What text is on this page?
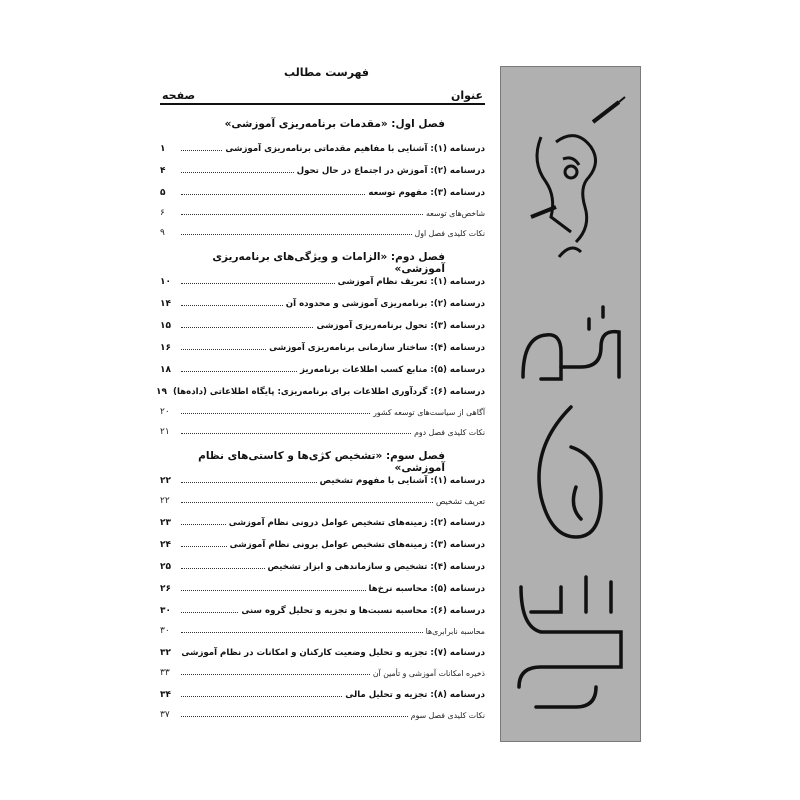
فهرست مطالب
عنوان
صفحه
فصل اول: «مقدمات برنامه‌ریزی آموزشی»
درسنامه (۱): آشنایی با مفاهیم مقدماتی برنامه‌ریزی آموزشی
۱
درسنامه (۲): آموزش در اجتماع در حال تحول
۴
درسنامه (۳): مفهوم توسعه
۵
شاخص‌های توسعه
۶
نکات کلیدی فصل اول
۹
فصل دوم: «الزامات و ویژگی‌های برنامه‌ریزی آموزشی»
درسنامه (۱): تعریف نظام آموزشی
۱۰
درسنامه (۲): برنامه‌ریزی آموزشی و محدوده آن
۱۴
درسنامه (۳): تحول برنامه‌ریزی آموزشی
۱۵
درسنامه (۴): ساختار سازمانی برنامه‌ریزی آموزشی
۱۶
درسنامه (۵): منابع کسب اطلاعات برنامه‌ریز
۱۸
درسنامه (۶): گردآوری اطلاعات برای برنامه‌ریزی: پایگاه اطلاعاتی (داده‌ها)
۱۹
آگاهی از سیاست‌های توسعه کشور
۲۰
نکات کلیدی فصل دوم
۲۱
فصل سوم: «تشخیص کژی‌ها و کاستی‌های نظام آموزشی»
درسنامه (۱): آشنایی با مفهوم تشخیص
۲۲
تعریف تشخیص
۲۲
درسنامه (۲): زمینه‌های تشخیص عوامل درونی نظام آموزشی
۲۳
درسنامه (۳): زمینه‌های تشخیص عوامل برونی نظام آموزشی
۲۴
درسنامه (۴): تشخیص و سازماندهی و ابزار تشخیص
۲۵
درسنامه (۵): محاسبه نرخ‌ها
۲۶
درسنامه (۶): محاسبه نسبت‌ها و تجزیه و تحلیل گروه سنی
۳۰
محاسبه نابرابری‌ها
۳۰
درسنامه (۷): تجزیه و تحلیل وضعیت کارکنان و امکانات در نظام آموزشی
۳۲
ذخیره امکانات آموزشی و تأمین آن
۳۳
درسنامه (۸): تجزیه و تحلیل مالی
۳۴
نکات کلیدی فصل سوم
۳۷
